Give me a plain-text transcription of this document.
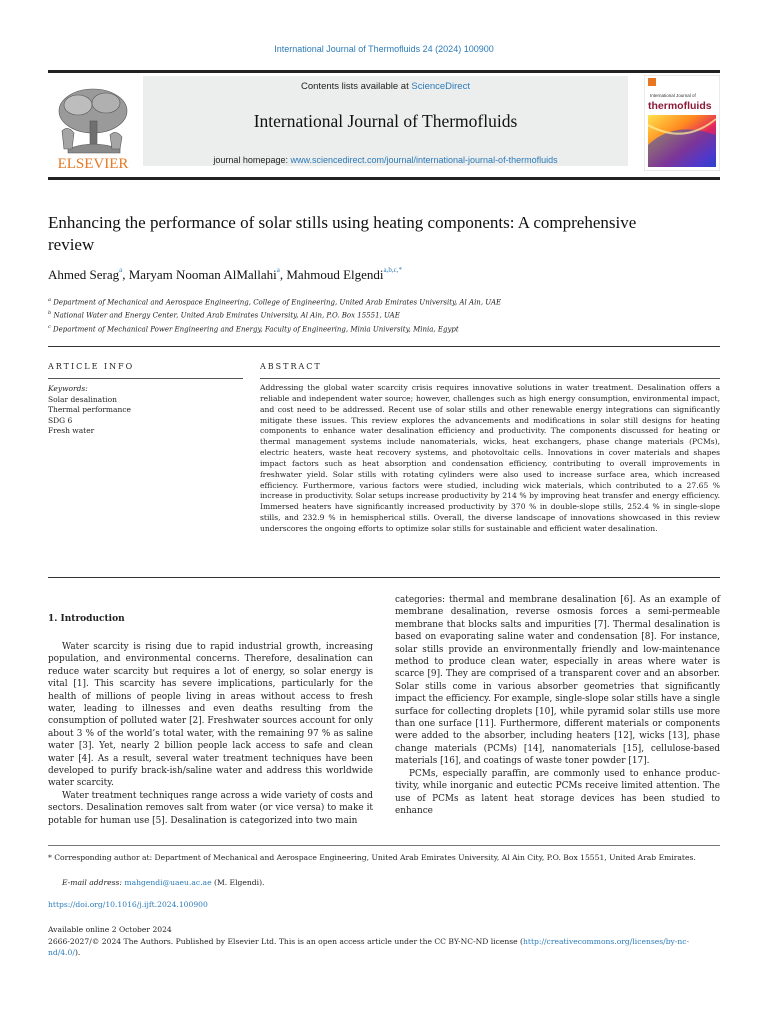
International Journal of Thermofluids 24 (2024) 100900
ELSEVIER
Contents lists available at ScienceDirect
International Journal of Thermofluids
journal homepage: www.sciencedirect.com/journal/international-journal-of-thermofluids
International Journal of
thermofluids
Enhancing the performance of solar stills using heating components: A comprehensive review
Ahmed Serag$^a$, Maryam Nooman AlMallahi$^a$, Mahmoud Elgendi$^{a,b,c,*}$
$^a$ Department of Mechanical and Aerospace Engineering, College of Engineering, United Arab Emirates University, Al Ain, UAE
$^b$ National Water and Energy Center, United Arab Emirates University, Al Ain, P.O. Box 15551, UAE
$^c$ Department of Mechanical Power Engineering and Energy, Faculty of Engineering, Minia University, Minia, Egypt
ARTICLE INFO	ABSTRACT
Keywords:
Solar desalination
Thermal performance
SDG 6
Fresh water
Addressing the global water scarcity crisis requires innovative solutions in water treatment. Desalination offers a reliable and independent water source; however, challenges such as high energy consumption, environmental impact, and cost need to be addressed. Recent use of solar stills and other renewable energy integrations can significantly mitigate these issues. This review explores the advancements and modifications in solar still designs for heating components to enhance water desalination efficiency and productivity. The components discussed for heating or thermal management systems include nanomaterials, wicks, heat exchangers, phase change materials (PCMs), electric heaters, waste heat recovery systems, and photovoltaic cells. Innovations in cover materials and shapes impact factors such as heat absorption and condensation efficiency, contributing to overall improvements in freshwater yield. Solar stills with rotating cylinders were also used to increase surface area, which increased efficiency. Furthermore, various factors were studied, including wick materials, which contributed to a 27.65 % increase in productivity. Solar setups increase productivity by 214 % by improving heat transfer and energy efficiency. Immersed heaters have significantly increased productivity by 370 % in double-slope stills, 252.4 % in single-slope stills, and 232.9 % in hemispherical stills. Overall, the diverse landscape of innovations showcased in this review underscores the ongoing efforts to optimize solar stills for sustainable and efficient water desalination.
1. Introduction

Water scarcity is rising due to rapid industrial growth, increasing population, and environmental concerns. Therefore, desalination can reduce water scarcity but requires a lot of energy, so solar energy is vital [1]. This scarcity has severe implications, particularly for the health of millions of people living in areas without access to fresh water, leading to illnesses and even deaths resulting from the consumption of polluted water [2]. Freshwater sources account for only about 3 % of the world’s total water, with the remaining 97 % as saline water [3]. Yet, nearly 2 billion people lack access to safe and clean water [4]. As a result, several water treatment techniques have been developed to purify brack-ish/saline water and address this worldwide water scarcity.

Water treatment techniques range across a wide variety of costs and sectors. Desalination removes salt from water (or vice versa) to make it potable for human use [5]. Desalination is categorized into two main

categories: thermal and membrane desalination [6]. As an example of membrane desalination, reverse osmosis forces a semi-permeable membrane that blocks salts and impurities [7]. Thermal desalination is based on evaporating saline water and condensation [8]. For instance, solar stills provide an environmentally friendly and low-maintenance method to produce clean water, especially in areas where water is scarce [9]. They are comprised of a transparent cover and an absorber. Solar stills come in various absorber geometries that significantly impact the efficiency. For example, single-slope solar stills have a single surface for collecting droplets [10], while pyramid solar stills use more than one surface [11]. Furthermore, different materials or components were added to the absorber, including heaters [12], wicks [13], phase change materials (PCMs) [14], nanomaterials [15], cellulose-based materials [16], and coatings of waste toner powder [17].

PCMs, especially paraffin, are commonly used to enhance produc-tivity, while inorganic and eutectic PCMs receive limited attention. The use of PCMs as latent heat storage devices has been studied to enhance

* Corresponding author at: Department of Mechanical and Aerospace Engineering, United Arab Emirates University, Al Ain City, P.O. Box 15551, United Arab Emirates.
E-mail address: mahgendi@uaeu.ac.ae (M. Elgendi).
https://doi.org/10.1016/j.ijft.2024.100900
Available online 2 October 2024
2666-2027/© 2024 The Authors. Published by Elsevier Ltd. This is an open access article under the CC BY-NC-ND license (http://creativecommons.org/licenses/by-nc-nd/4.0/).
